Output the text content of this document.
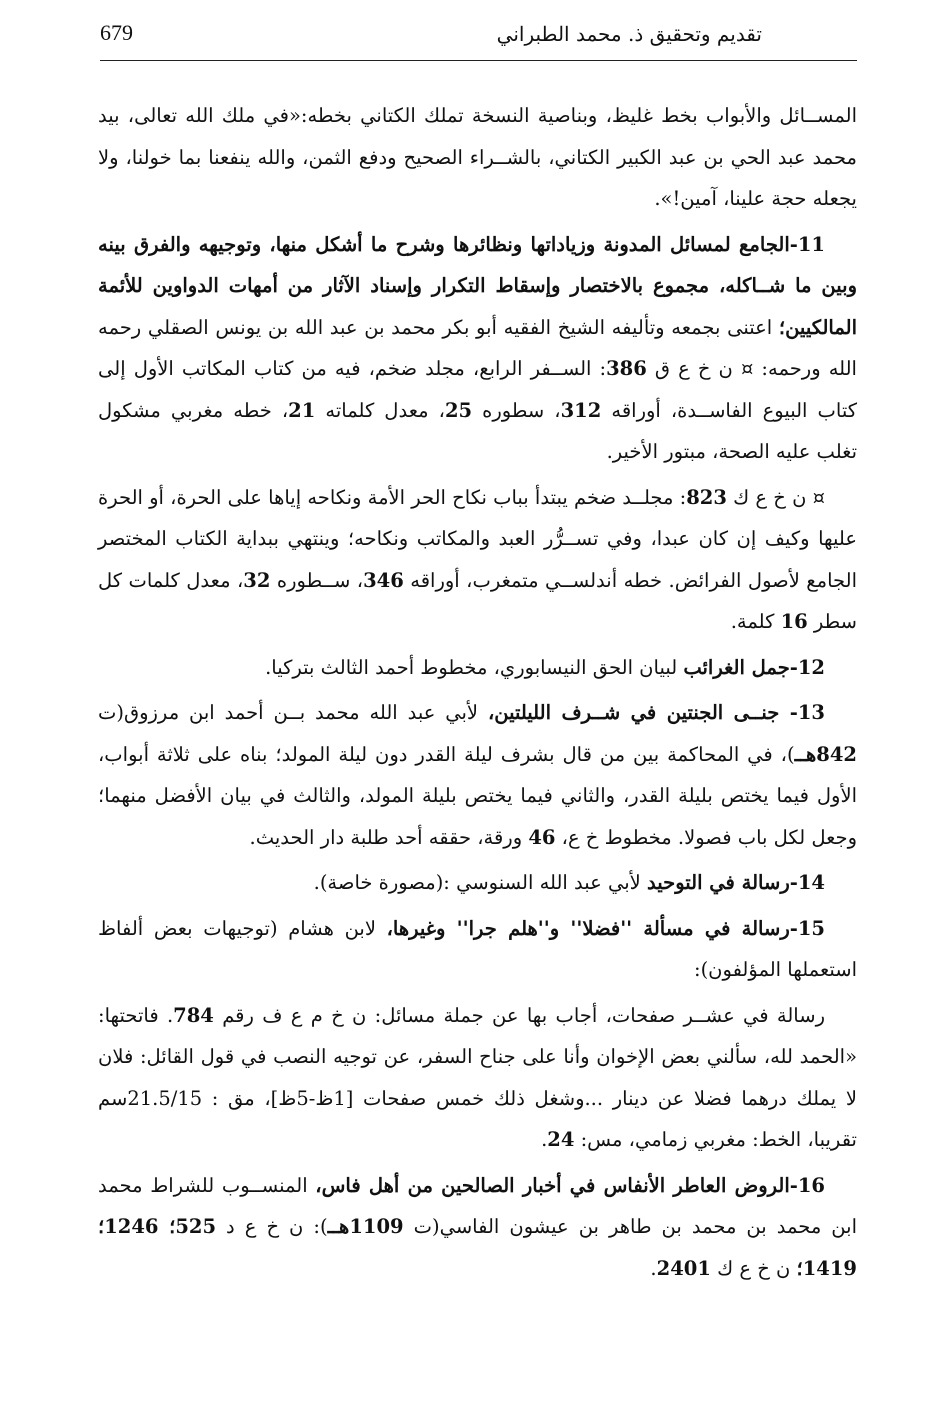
679	تقديم وتحقيق ذ. محمد الطبراني

المســائل والأبواب بخط غليظ، وبناصية النسخة تملك الكتاني بخطه:«في ملك الله تعالى، بيد محمد عبد الحي بن عبد الكبير الكتاني، بالشــراء الصحيح ودفع الثمن، والله ينفعنا بما خولنا، ولا يجعله حجة علينا، آمين!».

11-الجامع لمسائل المدونة وزياداتها ونظائرها وشرح ما أشكل منها، وتوجيهه والفرق بينه وبين ما شــاكله، مجموع بالاختصار وإسقاط التكرار وإسناد الآثار من أمهات الدواوين للأئمة المالكيين؛ اعتنى بجمعه وتأليفه الشيخ الفقيه أبو بكر محمد بن عبد الله بن يونس الصقلي رحمه الله ورحمه: ¤ ن خ ع ق 386: الســفر الرابع، مجلد ضخم، فيه من كتاب المكاتب الأول إلى كتاب البيوع الفاســدة، أوراقه 312، سطوره 25، معدل كلماته 21، خطه مغربي مشكول تغلب عليه الصحة، مبتور الأخير.

¤ ن خ ع ك 823: مجلــد ضخم يبتدأ بباب نكاح الحر الأمة ونكاحه إياها على الحرة، أو الحرة عليها وكيف إن كان عبدا، وفي تســرُّر العبد والمكاتب ونكاحه؛ وينتهي ببداية الكتاب المختصر الجامع لأصول الفرائض. خطه أندلســي متمغرب، أوراقه 346، ســطوره 32، معدل كلمات كل سطر 16 كلمة.

12-جمل الغرائب لبيان الحق النيسابوري، مخطوط أحمد الثالث بتركيا.

13- جنــى الجنتين في شــرف الليلتين، لأبي عبد الله محمد بــن أحمد ابن مرزوق(ت 842هــ)، في المحاكمة بين من قال بشرف ليلة القدر دون ليلة المولد؛ بناه على ثلاثة أبواب، الأول فيما يختص بليلة القدر، والثاني فيما يختص بليلة المولد، والثالث في بيان الأفضل منهما؛ وجعل لكل باب فصولا. مخطوط خ ع، 46 ورقة، حققه أحد طلبة دار الحديث.

14-رسالة في التوحيد لأبي عبد الله السنوسي :(مصورة خاصة).

15-رسالة في مسألة ''فضلا'' و''هلم جرا'' وغيرها، لابن هشام (توجيهات بعض ألفاظ استعملها المؤلفون):

رسالة في عشــر صفحات، أجاب بها عن جملة مسائل: ن خ م ع ف رقم 784. فاتحتها: «الحمد لله، سألني بعض الإخوان وأنا على جناح السفر، عن توجيه النصب في قول القائل: فلان لا يملك درهما فضلا عن دينار ...وشغل ذلك خمس صفحات [1ظ-5ظ]، مق : 21.5/15سم تقريبا، الخط: مغربي زمامي، مس: 24.

16-الروض العاطر الأنفاس في أخبار الصالحين من أهل فاس، المنســوب للشراط محمد ابن محمد بن محمد بن طاهر بن عيشون الفاسي(ت 1109هــ): ن خ ع د 525؛ 1246؛ 1419؛ ن خ ع ك 2401.
